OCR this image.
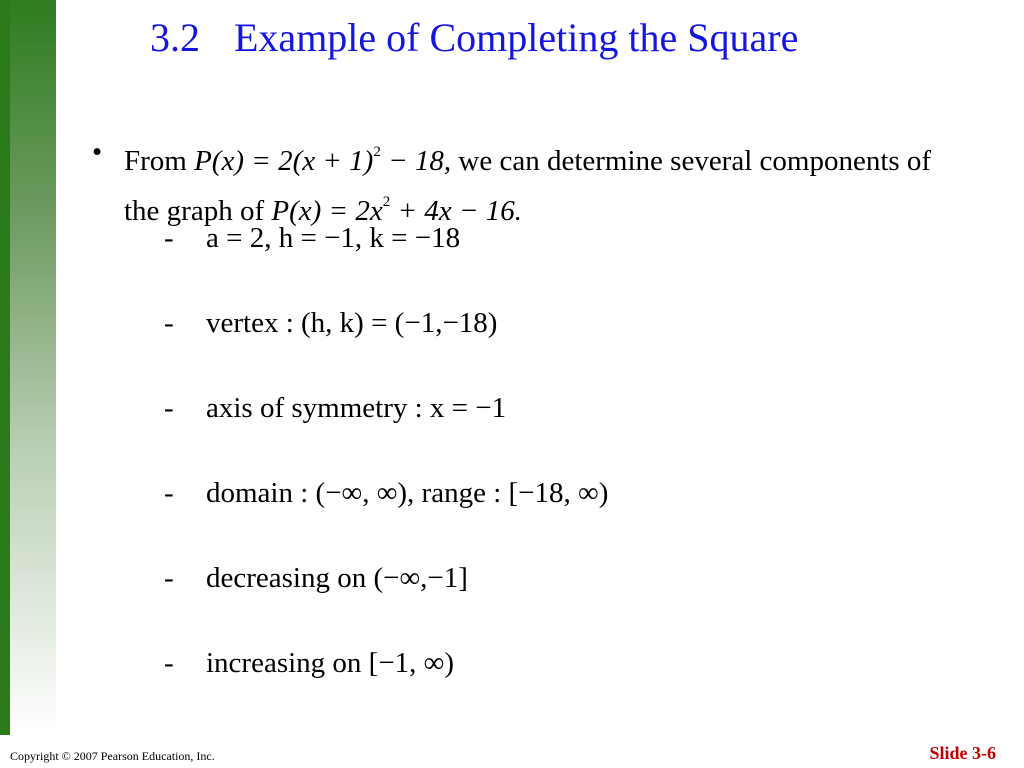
3.2 Example of Completing the Square
• From $P(x) = 2(x + 1)^2 - 18$, we can determine several components of the graph of $P(x) = 2x^2 + 4x - 16$.
- a = 2, h = −1, k = −18
- vertex : (h, k) = (−1,−18)
- axis of symmetry : x = −1
- domain : (−∞, ∞), range : [−18, ∞)
- decreasing on (−∞,−1]
- increasing on [−1, ∞)
Copyright © 2007 Pearson Education, Inc.	Slide 3-6
